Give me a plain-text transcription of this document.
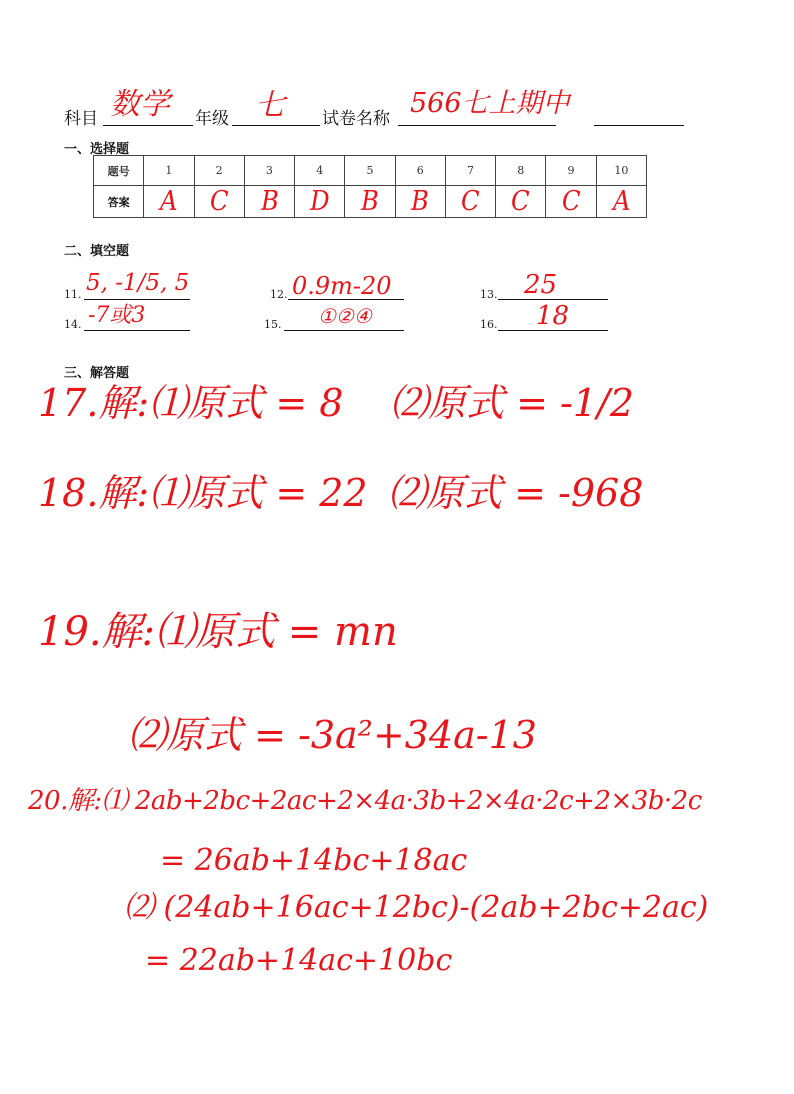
科目 数学 年级 七 试卷名称 566七上期中
一、选择题
题号	1	2	3	4	5	6	7	8	9	10
答案	A	C	B	D	B	B	C	C	C	A
二、填空题
11. 5, -1/5, 5	12. 0.9m-20	13. 25
14. -7或3	15. ①②④	16. 18
三、解答题
17.解:⑴原式 = 8 ⑵原式 = -1/2
18.解:⑴原式 = 22 ⑵原式 = -968
19.解:⑴原式 = mn
⑵原式 = -3a²+34a-13
20.解:⑴ 2ab+2bc+2ac+2×4a·3b+2×4a·2c+2×3b·2c
= 26ab+14bc+18ac
⑵ (24ab+16ac+12bc)-(2ab+2bc+2ac)
= 22ab+14ac+10bc
